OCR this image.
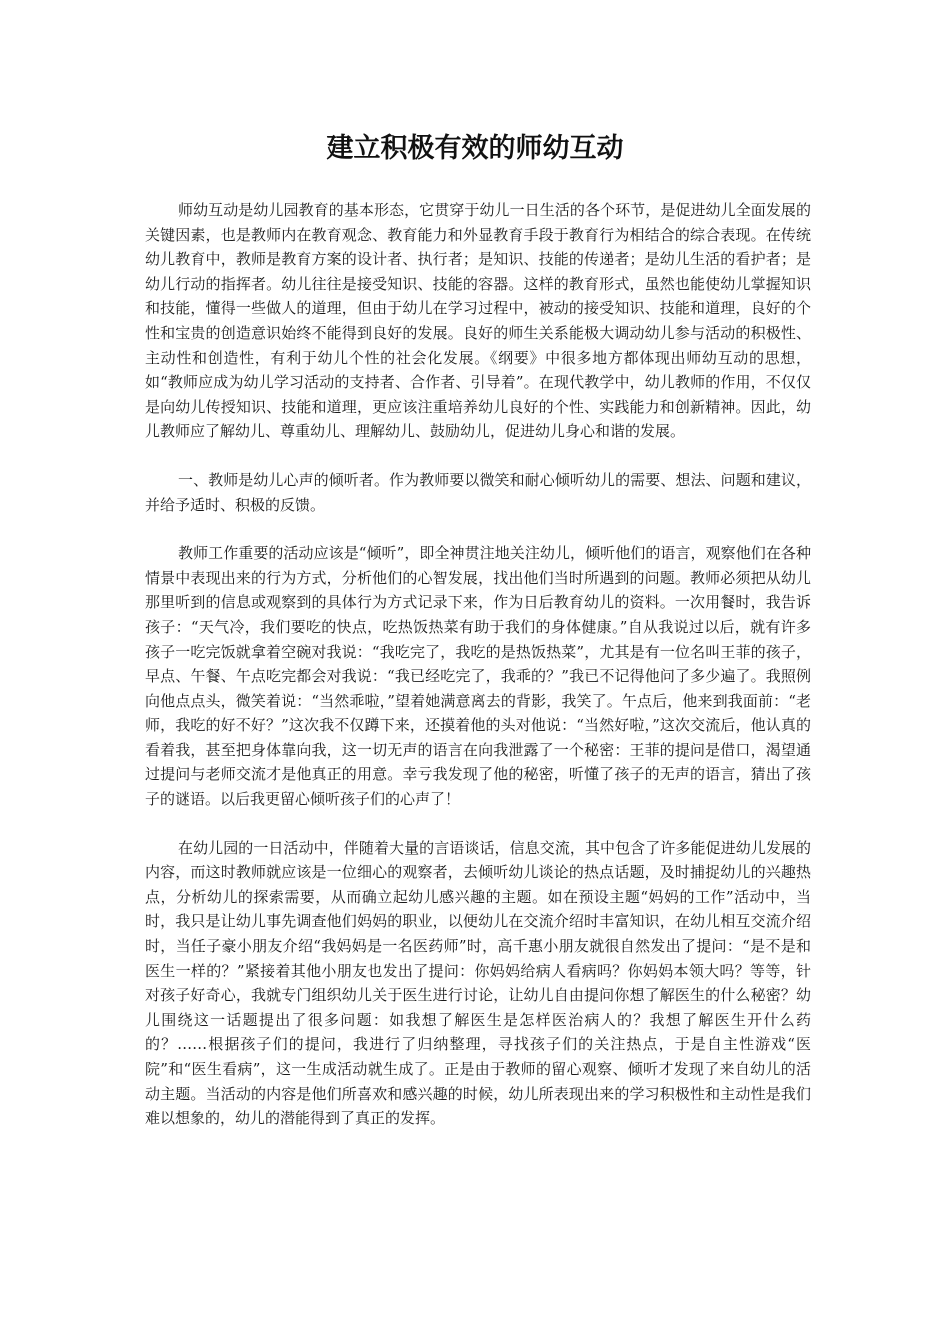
建立积极有效的师幼互动

师幼互动是幼儿园教育的基本形态，它贯穿于幼儿一日生活的各个环节，是促进幼儿全面发展的关键因素，也是教师内在教育观念、教育能力和外显教育手段于教育行为相结合的综合表现。在传统幼儿教育中，教师是教育方案的设计者、执行者；是知识、技能的传递者；是幼儿生活的看护者；是幼儿行动的指挥者。幼儿往往是接受知识、技能的容器。这样的教育形式，虽然也能使幼儿掌握知识和技能，懂得一些做人的道理，但由于幼儿在学习过程中，被动的接受知识、技能和道理，良好的个性和宝贵的创造意识始终不能得到良好的发展。良好的师生关系能极大调动幼儿参与活动的积极性、主动性和创造性，有利于幼儿个性的社会化发展。《纲要》中很多地方都体现出师幼互动的思想，如“教师应成为幼儿学习活动的支持者、合作者、引导着”。在现代教学中，幼儿教师的作用，不仅仅是向幼儿传授知识、技能和道理，更应该注重培养幼儿良好的个性、实践能力和创新精神。因此，幼儿教师应了解幼儿、尊重幼儿、理解幼儿、鼓励幼儿，促进幼儿身心和谐的发展。

一、教师是幼儿心声的倾听者。作为教师要以微笑和耐心倾听幼儿的需要、想法、问题和建议，并给予适时、积极的反馈。

教师工作重要的活动应该是“倾听”，即全神贯注地关注幼儿，倾听他们的语言，观察他们在各种情景中表现出来的行为方式，分析他们的心智发展，找出他们当时所遇到的问题。教师必须把从幼儿那里听到的信息或观察到的具体行为方式记录下来，作为日后教育幼儿的资料。一次用餐时，我告诉孩子：“天气冷，我们要吃的快点，吃热饭热菜有助于我们的身体健康。”自从我说过以后，就有许多孩子一吃完饭就拿着空碗对我说：“我吃完了，我吃的是热饭热菜”，尤其是有一位名叫王菲的孩子，早点、午餐、午点吃完都会对我说：“我已经吃完了，我乖的？”我已不记得他问了多少遍了。我照例向他点点头，微笑着说：“当然乖啦，”望着她满意离去的背影，我笑了。午点后，他来到我面前：“老师，我吃的好不好？”这次我不仅蹲下来，还摸着他的头对他说：“当然好啦，”这次交流后，他认真的看着我，甚至把身体靠向我，这一切无声的语言在向我泄露了一个秘密：王菲的提问是借口，渴望通过提问与老师交流才是他真正的用意。幸亏我发现了他的秘密，听懂了孩子的无声的语言，猜出了孩子的谜语。以后我更留心倾听孩子们的心声了！

在幼儿园的一日活动中，伴随着大量的言语谈话，信息交流，其中包含了许多能促进幼儿发展的内容，而这时教师就应该是一位细心的观察者，去倾听幼儿谈论的热点话题，及时捕捉幼儿的兴趣热点，分析幼儿的探索需要，从而确立起幼儿感兴趣的主题。如在预设主题“妈妈的工作”活动中，当时，我只是让幼儿事先调查他们妈妈的职业，以便幼儿在交流介绍时丰富知识，在幼儿相互交流介绍时，当任子豪小朋友介绍“我妈妈是一名医药师”时，高千惠小朋友就很自然发出了提问：“是不是和医生一样的？”紧接着其他小朋友也发出了提问：你妈妈给病人看病吗？你妈妈本领大吗？等等，针对孩子好奇心，我就专门组织幼儿关于医生进行讨论，让幼儿自由提问你想了解医生的什么秘密？幼儿围绕这一话题提出了很多问题：如我想了解医生是怎样医治病人的？我想了解医生开什么药的？……根据孩子们的提问，我进行了归纳整理，寻找孩子们的关注热点，于是自主性游戏“医院”和“医生看病”，这一生成活动就生成了。正是由于教师的留心观察、倾听才发现了来自幼儿的活动主题。当活动的内容是他们所喜欢和感兴趣的时候，幼儿所表现出来的学习积极性和主动性是我们难以想象的，幼儿的潜能得到了真正的发挥。
